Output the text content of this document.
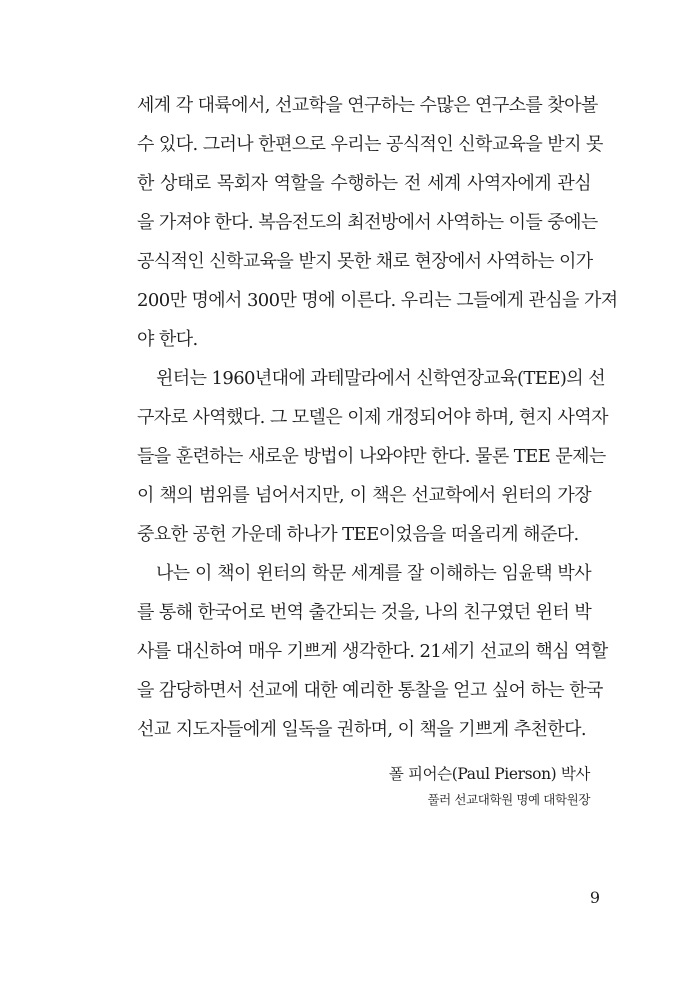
세계 각 대륙에서, 선교학을 연구하는 수많은 연구소를 찾아볼
수 있다. 그러나 한편으로 우리는 공식적인 신학교육을 받지 못
한 상태로 목회자 역할을 수행하는 전 세계 사역자에게 관심
을 가져야 한다. 복음전도의 최전방에서 사역하는 이들 중에는
공식적인 신학교육을 받지 못한 채로 현장에서 사역하는 이가
200만 명에서 300만 명에 이른다. 우리는 그들에게 관심을 가져
야 한다.
윈터는 1960년대에 과테말라에서 신학연장교육(TEE)의 선
구자로 사역했다. 그 모델은 이제 개정되어야 하며, 현지 사역자
들을 훈련하는 새로운 방법이 나와야만 한다. 물론 TEE 문제는
이 책의 범위를 넘어서지만, 이 책은 선교학에서 윈터의 가장
중요한 공헌 가운데 하나가 TEE이었음을 떠올리게 해준다.
나는 이 책이 윈터의 학문 세계를 잘 이해하는 임윤택 박사
를 통해 한국어로 번역 출간되는 것을, 나의 친구였던 윈터 박
사를 대신하여 매우 기쁘게 생각한다. 21세기 선교의 핵심 역할
을 감당하면서 선교에 대한 예리한 통찰을 얻고 싶어 하는 한국
선교 지도자들에게 일독을 권하며, 이 책을 기쁘게 추천한다.
폴 피어슨(Paul Pierson) 박사
풀러 선교대학원 명예 대학원장
9
